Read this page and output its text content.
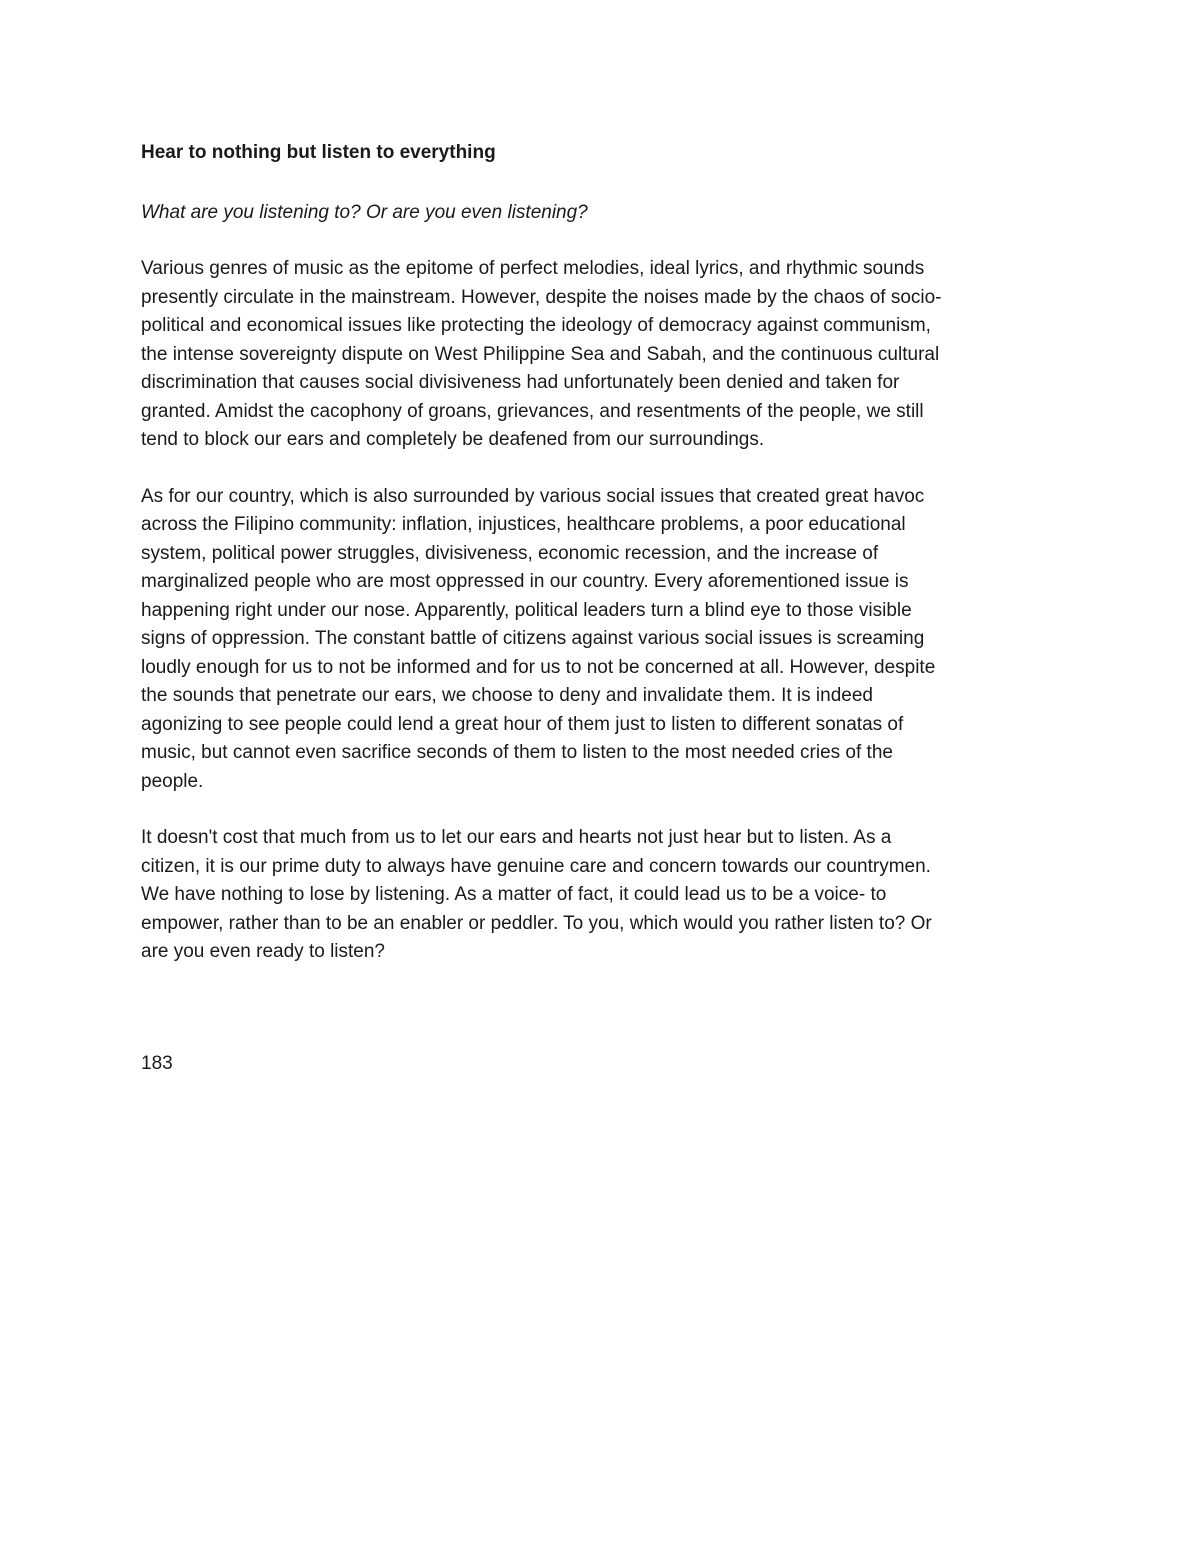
Hear to nothing but listen to everything
What are you listening to? Or are you even listening?
Various genres of music as the epitome of perfect melodies, ideal lyrics, and rhythmic sounds
presently circulate in the mainstream. However, despite the noises made by the chaos of socio-
political and economical issues like protecting the ideology of democracy against communism,
the intense sovereignty dispute on West Philippine Sea and Sabah, and the continuous cultural
discrimination that causes social divisiveness had unfortunately been denied and taken for
granted. Amidst the cacophony of groans, grievances, and resentments of the people, we still
tend to block our ears and completely be deafened from our surroundings.
As for our country, which is also surrounded by various social issues that created great havoc
across the Filipino community: inflation, injustices, healthcare problems, a poor educational
system, political power struggles, divisiveness, economic recession, and the increase of
marginalized people who are most oppressed in our country. Every aforementioned issue is
happening right under our nose. Apparently, political leaders turn a blind eye to those visible
signs of oppression. The constant battle of citizens against various social issues is screaming
loudly enough for us to not be informed and for us to not be concerned at all. However, despite
the sounds that penetrate our ears, we choose to deny and invalidate them. It is indeed
agonizing to see people could lend a great hour of them just to listen to different sonatas of
music, but cannot even sacrifice seconds of them to listen to the most needed cries of the
people.
It doesn't cost that much from us to let our ears and hearts not just hear but to listen. As a
citizen, it is our prime duty to always have genuine care and concern towards our countrymen.
We have nothing to lose by listening. As a matter of fact, it could lead us to be a voice- to
empower, rather than to be an enabler or peddler. To you, which would you rather listen to? Or
are you even ready to listen?
183
